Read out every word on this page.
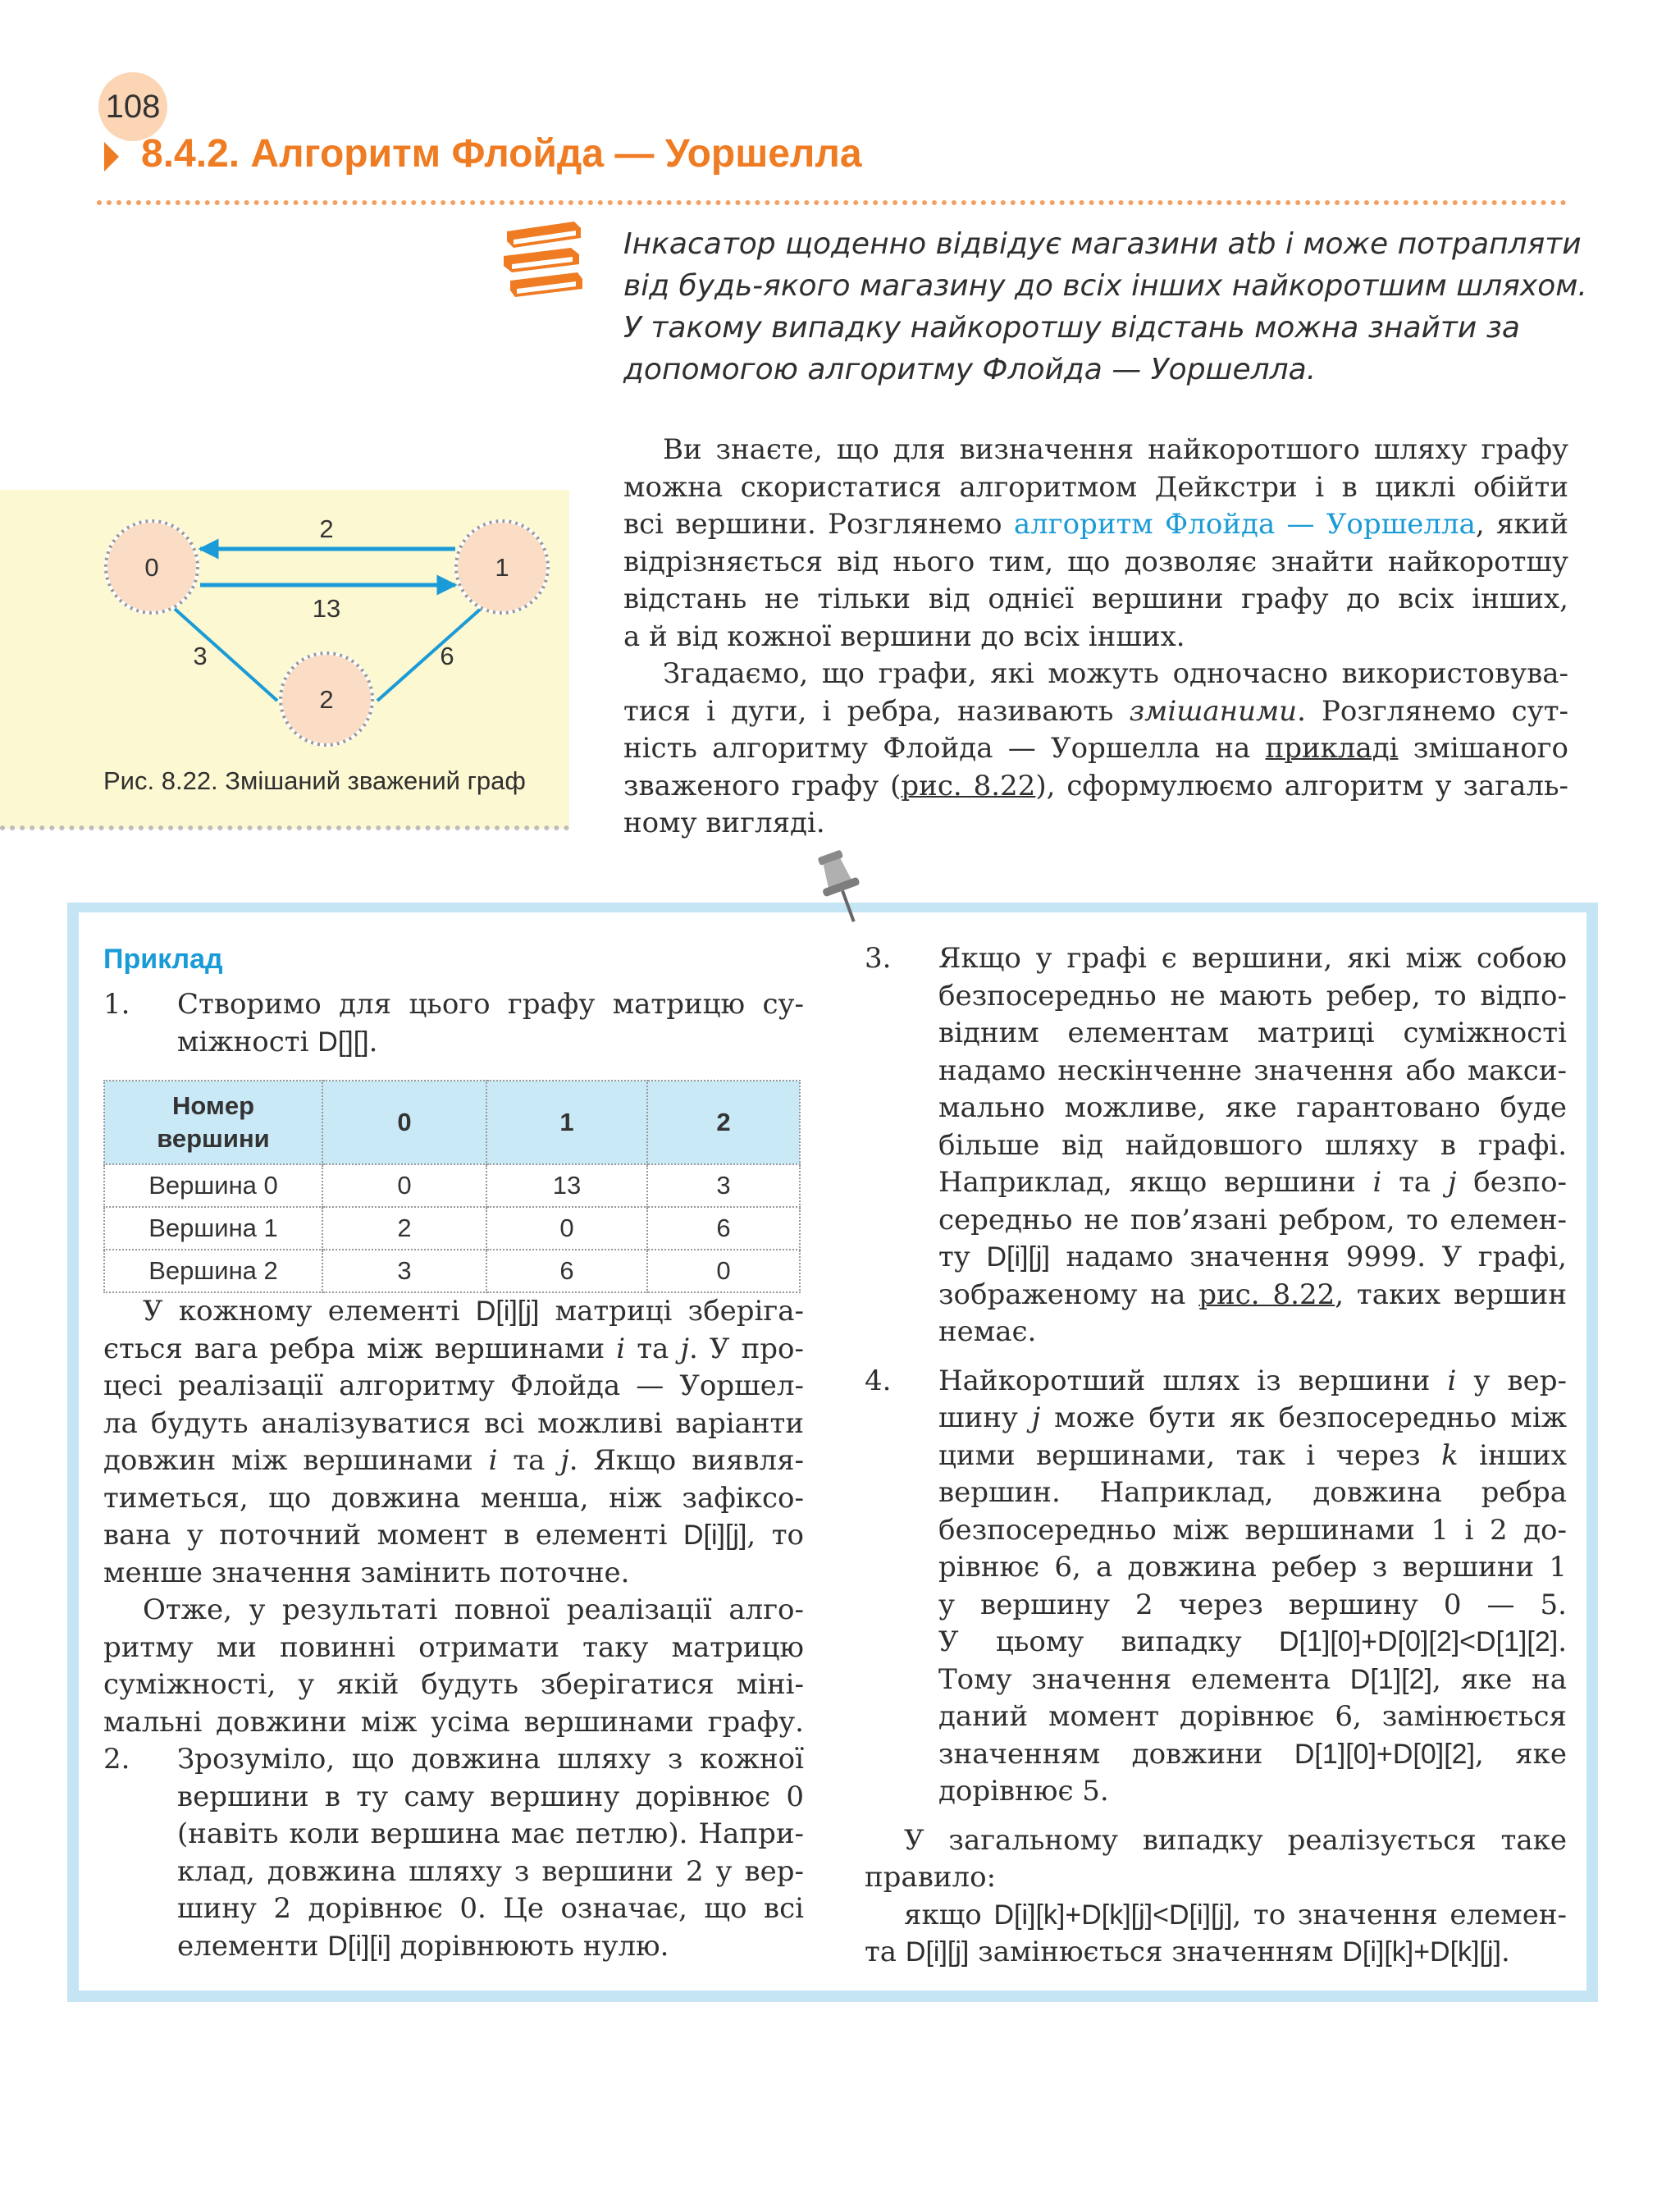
108
8.4.2. Алгоритм Флойда — Уоршелла
Інкасатор щоденно відвідує магазини atb і може потрапляти
від будь-якого магазину до всіх інших найкоротшим шляхом.
У такому випадку найкоротшу відстань можна знайти за
допомогою алгоритму Флойда — Уоршелла.
0	1
2
2
13
3	6
Рис. 8.22. Змішаний зважений граф
Ви знаєте, що для визначення найкоротшого шляху графу
можна скористатися алгоритмом Дейкстри і в циклі обійти
всі вершини. Розглянемо алгоритм Флойда — Уоршелла, який
відрізняється від нього тим, що дозволяє знайти найкоротшу
відстань не тільки від однієї вершини графу до всіх інших,
а й від кожної вершини до всіх інших.
Згадаємо, що графи, які можуть одночасно використовува-
тися і дуги, і ребра, називають змішаними. Розглянемо сут-
ність алгоритму Флойда — Уоршелла на прикладі змішаного
зваженого графу (рис. 8.22), сформулюємо алгоритм у загаль-
ному вигляді.
Приклад
1. Створимо для цього графу матрицю су-
міжності D[][].
Номер
вершини	0	1	2
Вершина 0	0	13	3
Вершина 1	2	0	6
Вершина 2	3	6	0
У кожному елементі D[i][j] матриці зберіга-
ється вага ребра між вершинами i та j. У про-
цесі реалізації алгоритму Флойда — Уоршел-
ла будуть аналізуватися всі можливі варіанти
довжин між вершинами i та j. Якщо виявля-
тиметься, що довжина менша, ніж зафіксо-
вана у поточний момент в елементі D[i][j], то
менше значення замінить поточне.
Отже, у результаті повної реалізації алго-
ритму ми повинні отримати таку матрицю
суміжності, у якій будуть зберігатися міні-
мальні довжини між усіма вершинами графу.
2. Зрозуміло, що довжина шляху з кожної
вершини в ту саму вершину дорівнює 0
(навіть коли вершина має петлю). Напри-
клад, довжина шляху з вершини 2 у вер-
шину 2 дорівнює 0. Це означає, що всі
елементи D[i][i] дорівнюють нулю.
3. Якщо у графі є вершини, які між собою
безпосередньо не мають ребер, то відпо-
відним елементам матриці суміжності
надамо нескінченне значення або макси-
мально можливе, яке гарантовано буде
більше від найдовшого шляху в графі.
Наприклад, якщо вершини i та j безпо-
середньо не пов’язані ребром, то елемен-
ту D[i][j] надамо значення 9999. У графі,
зображеному на рис. 8.22, таких вершин
немає.
4. Найкоротший шлях із вершини i у вер-
шину j може бути як безпосередньо між
цими вершинами, так і через k інших
вершин. Наприклад, довжина ребра
безпосередньо між вершинами 1 і 2 до-
рівнює 6, а довжина ребер з вершини 1
у вершину 2 через вершину 0 — 5.
У цьому випадку D[1][0]+D[0][2]<D[1][2].
Тому значення елемента D[1][2], яке на
даний момент дорівнює 6, замінюється
значенням довжини D[1][0]+D[0][2], яке
дорівнює 5.
У загальному випадку реалізується таке
правило:
якщо D[i][k]+D[k][j]<D[i][j], то значення елемен-
та D[i][j] замінюється значенням D[i][k]+D[k][j].
